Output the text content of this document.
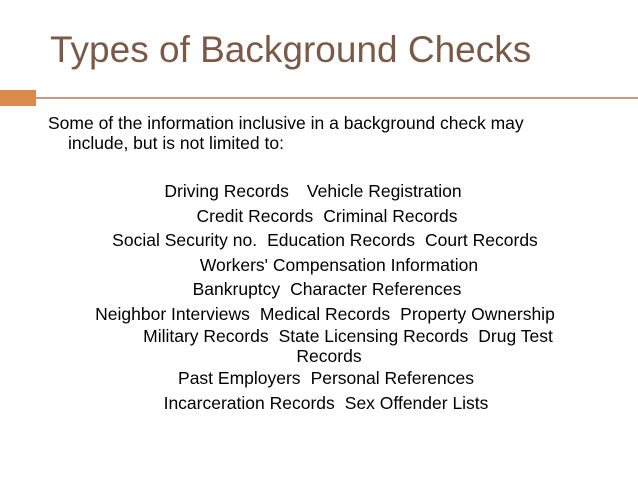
Types of Background Checks
Some of the information inclusive in a background check may
include, but is not limited to:
Driving Records Vehicle Registration
Credit Records Criminal Records
Social Security no. Education Records Court Records
Workers' Compensation Information
Bankruptcy Character References
Neighbor Interviews Medical Records Property Ownership
Military Records State Licensing Records Drug Test
Records
Past Employers Personal References
Incarceration Records Sex Offender Lists
